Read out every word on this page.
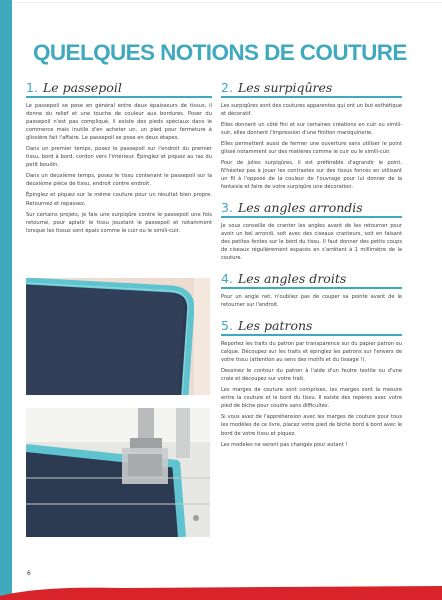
QUELQUES NOTIONS DE COUTURE
1. Le passepoil

Le passepoil se pose en général entre deux épaisseurs de tissus, il donne du relief et une touche de couleur aux bordures. Poser du passepoil n'est pas compliqué, il existe des pieds spéciaux dans le commerce mais inutile d'en acheter un, un pied pour fermeture à glissière fait l'affaire. Le passepoil se pose en deux étapes.

Dans un premier temps, posez le passepoil sur l'endroit du premier tissu, bord à bord, cordon vers l'intérieur. Épinglez et piquez au ras du petit boudin.

Dans un deuxième temps, posez le tissu contenant le passepoil sur la deuxième pièce de tissu, endroit contre endroit.

Épinglez et piquez sur la même couture pour un résultat bien propre. Retournez et repassez.

Sur certains projets, je fais une surpiqûre contre le passepoil une fois retourné, pour aplatir le tissu jouxtant le passepoil et notamment lorsque les tissus sont épais comme le cuir ou le simili-cuir.

2. Les surpiqûres

Les surpiqûres sont des coutures apparentes qui ont un but esthétique et décoratif.

Elles donnent un côté fini et sur certaines créations en cuir ou simili-suir, elles donnent l'impression d'une finition maroquinerie.

Elles permettent aussi de fermer une ouverture sans utiliser le point glissé notamment sur des matières comme le cuir ou le simili-cuir.

Pour de jolies surpiqûres, il est préférable d'agrandir le point. N'hésitez pas à jouer les contrastes sur des tissus foncés en utilisant un fil à l'opposé de la couleur de l'ouvrage pour lui donner de la fantaisie et faire de votre surpiqûre une décoration.

3. Les angles arrondis

Je vous conseille de cranter les angles avant de les retourner pour avoir un bel arrondi, soit avec des ciseaux cranteurs, soit en faisant des petites fentes sur le bord du tissu. Il faut donner des petits coups de ciseaux régulièrement espacés en s'arrêtant à 1 millimètre de la couture.

4. Les angles droits

Pour un angle net, n'oubliez pas de couper sa pointe avant de le retourner sur l'endroit.

5. Les patrons

Reportez les traits du patron par transparence sur du papier patron ou calque. Découpez sur les traits et épinglez les patrons sur l'envers de votre tissu (attention au sens des motifs et du tissage !).

Dessinez le contour du patron à l'aide d'un feutre textile ou d'une craie et découpez sur votre trait.

Les marges de couture sont comprises, les marges sont la mesure entre la couture et le bord du tissu. Il existe des repères avec votre pied de biche pour coudre sans difficultés.

Si vous avez de l'appréhension avec les marges de couture pour tous les modèles de ce livre, placez votre pied de biche bord à bord avec le bord de votre tissu et piquez.

Les modèles ne seront pas changés pour autant !

6
